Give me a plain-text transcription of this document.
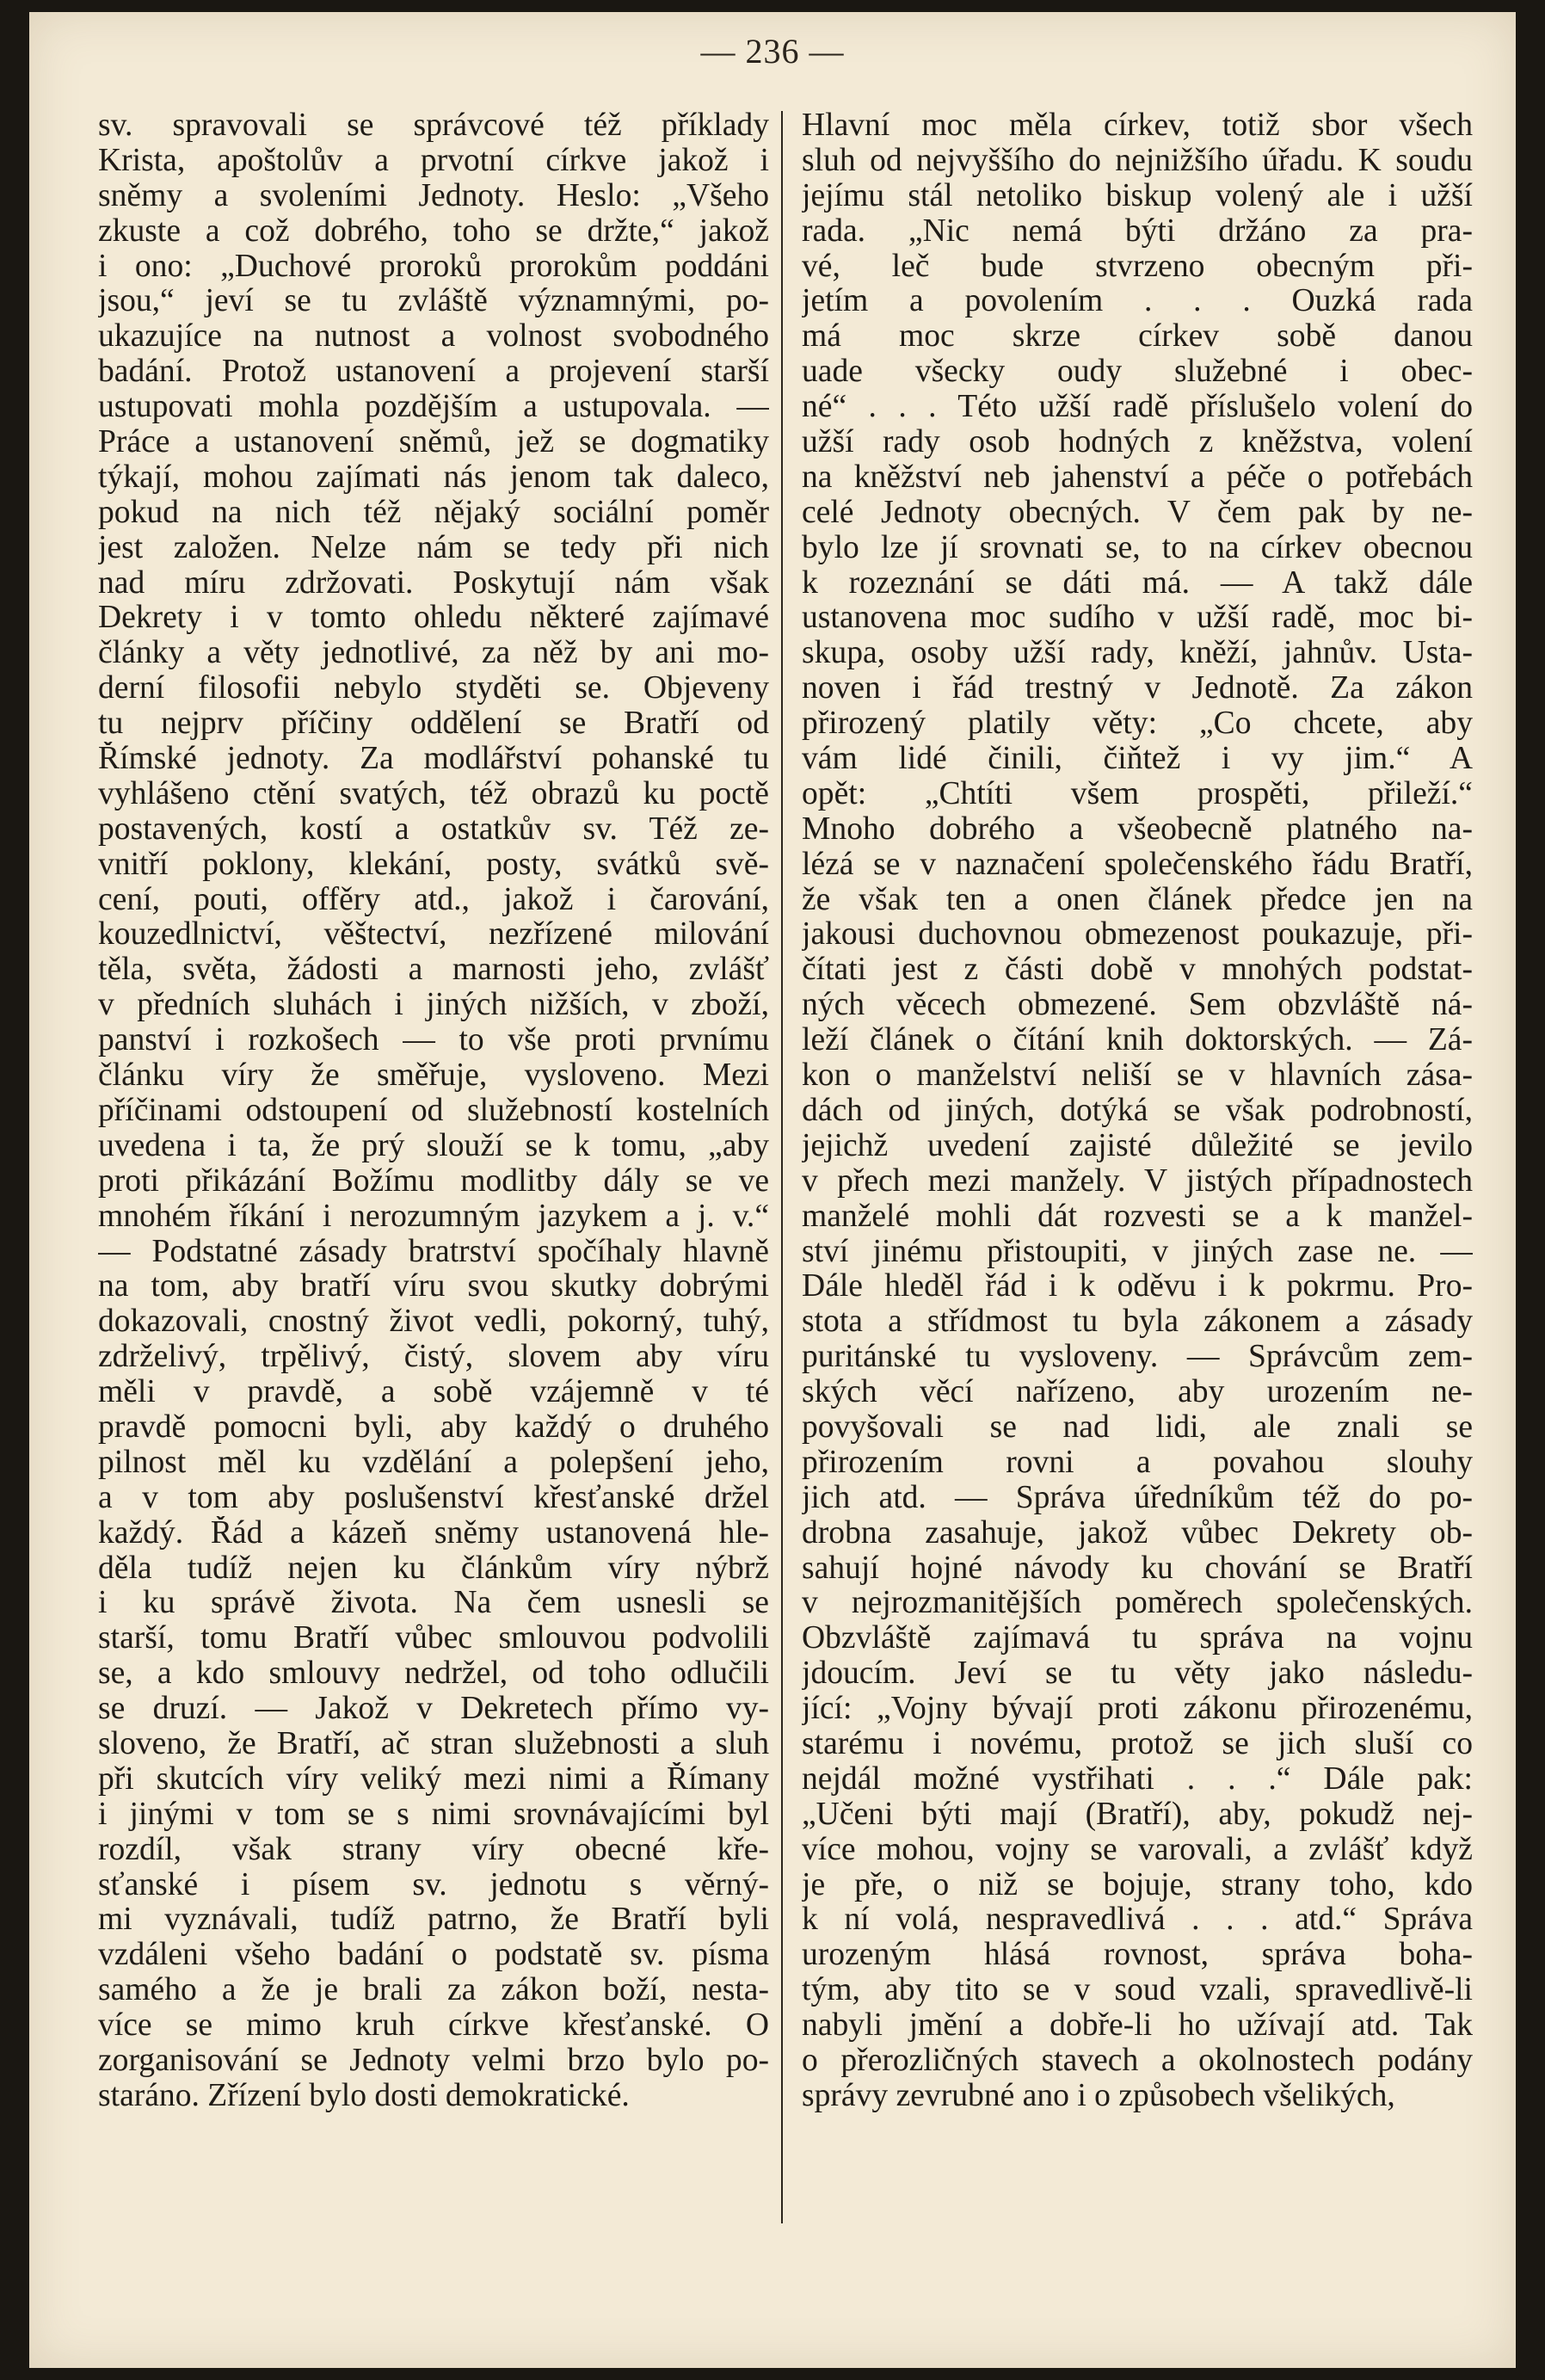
— 236 —
sv. spravovali se správcové též příklady
Krista, apoštolův a prvotní církve jakož i
sněmy a svoleními Jednoty. Heslo: „Všeho
zkuste a což dobrého, toho se držte,“ jakož
i ono: „Duchové proroků prorokům poddáni
jsou,“ jeví se tu zvláště významnými, po-
ukazujíce na nutnost a volnost svobodného
badání. Protož ustanovení a projevení starší
ustupovati mohla pozdějším a ustupovala. —
Práce a ustanovení sněmů, jež se dogmatiky
týkají, mohou zajímati nás jenom tak daleco,
pokud na nich též nějaký sociální poměr
jest založen. Nelze nám se tedy při nich
nad míru zdržovati. Poskytují nám však
Dekrety i v tomto ohledu některé zajímavé
články a věty jednotlivé, za něž by ani mo-
derní filosofii nebylo styděti se. Objeveny
tu nejprv příčiny oddělení se Bratří od
Římské jednoty. Za modlářství pohanské tu
vyhlášeno ctění svatých, též obrazů ku poctě
postavených, kostí a ostatkův sv. Též ze-
vnitří poklony, klekání, posty, svátků svě-
cení, pouti, offěry atd., jakož i čarování,
kouzedlnictví, věštectví, nezřízené milování
těla, světa, žádosti a marnosti jeho, zvlášť
v předních sluhách i jiných nižších, v zboží,
panství i rozkošech — to vše proti prvnímu
článku víry že směřuje, vysloveno. Mezi
příčinami odstoupení od služebností kostelních
uvedena i ta, že prý slouží se k tomu, „aby
proti přikázání Božímu modlitby dály se ve
mnohém říkání i nerozumným jazykem a j. v.“
— Podstatné zásady bratrství spočíhaly hlavně
na tom, aby bratří víru svou skutky dobrými
dokazovali, cnostný život vedli, pokorný, tuhý,
zdrželivý, trpělivý, čistý, slovem aby víru
měli v pravdě, a sobě vzájemně v té
pravdě pomocni byli, aby každý o druhého
pilnost měl ku vzdělání a polepšení jeho,
a v tom aby poslušenství křesťanské držel
každý. Řád a kázeň sněmy ustanovená hle-
děla tudíž nejen ku článkům víry nýbrž
i ku správě života. Na čem usnesli se
starší, tomu Bratří vůbec smlouvou podvolili
se, a kdo smlouvy nedržel, od toho odlučili
se druzí. — Jakož v Dekretech přímo vy-
sloveno, že Bratří, ač stran služebnosti a sluh
při skutcích víry veliký mezi nimi a Římany
i jinými v tom se s nimi srovnávajícími byl
rozdíl, však strany víry obecné kře-
sťanské i písem sv. jednotu s věrný-
mi vyznávali, tudíž patrno, že Bratří byli
vzdáleni všeho badání o podstatě sv. písma
samého a že je brali za zákon boží, nesta-
více se mimo kruh církve křesťanské. O
zorganisování se Jednoty velmi brzo bylo po-
staráno. Zřízení bylo dosti demokratické.
Hlavní moc měla církev, totiž sbor všech
sluh od nejvyššího do nejnižšího úřadu. K soudu
jejímu stál netoliko biskup volený ale i užší
rada. „Nic nemá býti držáno za pra-
vé, leč bude stvrzeno obecným při-
jetím a povolením . . . Ouzká rada
má moc skrze církev sobě danou
uade všecky oudy služebné i obec-
né“ . . . Této užší radě příslušelo volení do
užší rady osob hodných z kněžstva, volení
na kněžství neb jahenství a péče o potřebách
celé Jednoty obecných. V čem pak by ne-
bylo lze jí srovnati se, to na církev obecnou
k rozeznání se dáti má. — A takž dále
ustanovena moc sudího v užší radě, moc bi-
skupa, osoby užší rady, kněží, jahnův. Usta-
noven i řád trestný v Jednotě. Za zákon
přirozený platily věty: „Co chcete, aby
vám lidé činili, čiňtež i vy jim.“ A
opět: „Chtíti všem prospěti, přileží.“
Mnoho dobrého a všeobecně platného na-
lézá se v naznačení společenského řádu Bratří,
že však ten a onen článek předce jen na
jakousi duchovnou obmezenost poukazuje, při-
čítati jest z části době v mnohých podstat-
ných věcech obmezené. Sem obzvláště ná-
leží článek o čítání knih doktorských. — Zá-
kon o manželství neliší se v hlavních zása-
dách od jiných, dotýká se však podrobností,
jejichž uvedení zajisté důležité se jevilo
v přech mezi manžely. V jistých případnostech
manželé mohli dát rozvesti se a k manžel-
ství jinému přistoupiti, v jiných zase ne. —
Dále hleděl řád i k oděvu i k pokrmu. Pro-
stota a střídmost tu byla zákonem a zásady
puritánské tu vysloveny. — Správcům zem-
ských věcí nařízeno, aby urozením ne-
povyšovali se nad lidi, ale znali se
přirozením rovni a povahou slouhy
jich atd. — Správa úředníkům též do po-
drobna zasahuje, jakož vůbec Dekrety ob-
sahují hojné návody ku chování se Bratří
v nejrozmanitějších poměrech společenských.
Obzvláště zajímavá tu správa na vojnu
jdoucím. Jeví se tu věty jako následu-
jící: „Vojny bývají proti zákonu přirozenému,
starému i novému, protož se jich sluší co
nejdál možné vystřihati . . .“ Dále pak:
„Učeni býti mají (Bratří), aby, pokudž nej-
více mohou, vojny se varovali, a zvlášť když
je pře, o niž se bojuje, strany toho, kdo
k ní volá, nespravedlivá . . . atd.“ Správa
urozeným hlásá rovnost, správa boha-
tým, aby tito se v soud vzali, spravedlivě-li
nabyli jmění a dobře-li ho užívají atd. Tak
o přerozličných stavech a okolnostech podány
správy zevrubné ano i o způsobech všelikých,
